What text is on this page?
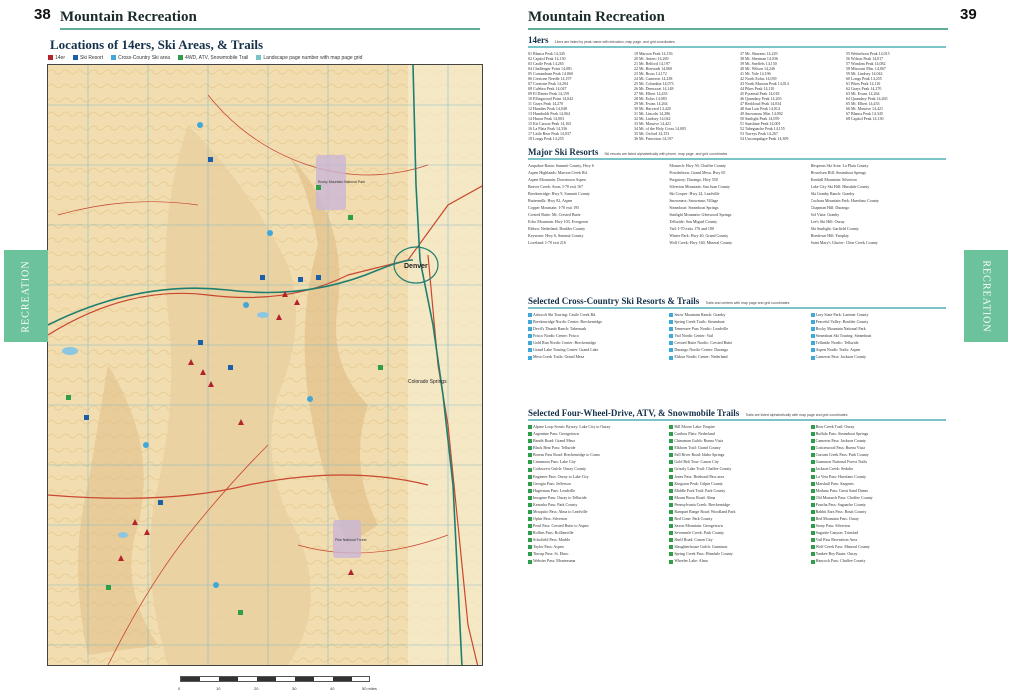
38 Mountain Recreation
Locations of 14ers, Ski Areas, & Trails
14er	Ski Resort	Cross-Country Ski area	4WD, ATV, Snowmobile Trail	Landscape page number with map page grid
Denver
Colorado Springs
Rocky Mountain National Park
Pike National Forest
0	10	20	30	40	50 miles
RECREATION
Mountain Recreation	39
RECREATION
14ers 14ers are listed by peak name with elevation, map page, and grid coordinates
01 Blanca Peak 14,345
02 Capitol Peak 14,130
03 Castle Peak 14,265
04 Challenger Point 14,081
05 Conundrum Peak 14,060
06 Crestone Needle 14,197
07 Crestone Peak 14,294
08 Culebra Peak 14,047
09 El Diente Peak 14,159
10 Ellingwood Point 14,042
11 Grays Peak 14,270
12 Handies Peak 14,048
13 Humboldt Peak 14,064
14 Huron Peak 14,003
15 Kit Carson Peak 14,165
16 La Plata Peak 14,336
17 Little Bear Peak 14,037
18 Longs Peak 14,255
19 Maroon Peak 14,156
20 Mt. Antero 14,269
21 Mt. Belford 14,197
22 Mt. Bierstadt 14,060
23 Mt. Bross 14,172
24 Mt. Cameron 14,238
25 Mt. Columbia 14,073
26 Mt. Democrat 14,148
27 Mt. Elbert 14,433
28 Mt. Eolus 14,083
29 Mt. Evans 14,264
30 Mt. Harvard 14,420
31 Mt. Lincoln 14,286
32 Mt. Lindsey 14,042
33 Mt. Massive 14,421
34 Mt. of the Holy Cross 14,005
35 Mt. Oxford 14,153
36 Mt. Princeton 14,197
37 Mt. Shavano 14,229
38 Mt. Sherman 14,036
39 Mt. Sneffels 14,150
40 Mt. Wilson 14,246
41 Mt. Yale 14,196
42 North Eolus 14,039
43 North Maroon Peak 14,014
44 Pikes Peak 14,110
45 Pyramid Peak 14,018
46 Quandary Peak 14,265
47 Redcloud Peak 14,034
48 San Luis Peak 14,014
49 Snowmass Mtn. 14,092
50 Sunlight Peak 14,059
51 Sunshine Peak 14,001
52 Tabeguache Peak 14,155
53 Torreys Peak 14,267
54 Uncompahgre Peak 14,309
55 Wetterhorn Peak 14,015
56 Wilson Peak 14,017
57 Windom Peak 14,082
58 Missouri Mtn. 14,067
59 Mt. Lindsey 14,042
60 Longs Peak 14,255
61 Pikes Peak 14,110
62 Grays Peak 14,270
63 Mt. Evans 14,264
64 Quandary Peak 14,265
65 Mt. Elbert 14,433
66 Mt. Massive 14,421
67 Blanca Peak 14,345
68 Capitol Peak 14,130
Major Ski Resorts Ski resorts are listed alphabetically with phone, map page, and grid coordinates
Arapahoe Basin: Summit County, Hwy 6
Aspen Highlands: Maroon Creek Rd.
Aspen Mountain: Downtown Aspen
Beaver Creek: Avon, I-70 exit 167
Breckenridge: Hwy 9, Summit County
Buttermilk: Hwy 82, Aspen
Copper Mountain: I-70 exit 195
Crested Butte: Mt. Crested Butte
Echo Mountain: Hwy 103, Evergreen
Eldora: Nederland, Boulder County
Keystone: Hwy 6, Summit County
Loveland: I-70 exit 216
Monarch: Hwy 50, Chaffee County
Powderhorn: Grand Mesa, Hwy 65
Purgatory: Durango, Hwy 550
Silverton Mountain: San Juan County
Ski Cooper: Hwy 24, Leadville
Snowmass: Snowmass Village
Steamboat: Steamboat Springs
Sunlight Mountain: Glenwood Springs
Telluride: San Miguel County
Vail: I-70 exits 176 and 180
Winter Park: Hwy 40, Grand County
Wolf Creek: Hwy 160, Mineral County
Hesperus Ski Area: La Plata County
Howelsen Hill: Steamboat Springs
Kendall Mountain: Silverton
Lake City Ski Hill: Hinsdale County
Ski Granby Ranch: Granby
Cuchara Mountain Park: Huerfano County
Chapman Hill: Durango
Sol Vista: Granby
Lee's Ski Hill: Ouray
Ski Sunlight: Garfield County
Hoedown Hill: Fairplay
Saint Mary's Glacier: Clear Creek County
Selected Cross-Country Ski Resorts & Trails Trails and centers with map page and grid coordinates
Ashcroft Ski Touring: Castle Creek Rd.
Breckenridge Nordic Center: Breckenridge
Devil's Thumb Ranch: Tabernash
Frisco Nordic Center: Frisco
Gold Run Nordic Center: Breckenridge
Grand Lake Touring Center: Grand Lake
Mesa Creek Trails: Grand Mesa
Snow Mountain Ranch: Granby
Spring Creek Trails: Steamboat
Tennessee Pass Nordic: Leadville
Vail Nordic Center: Vail
Crested Butte Nordic: Crested Butte
Durango Nordic Center: Durango
Eldora Nordic Center: Nederland
Lory State Park: Larimer County
Peaceful Valley: Boulder County
Rocky Mountain National Park
Steamboat Ski Touring: Steamboat
Telluride Nordic: Telluride
Aspen Nordic Trails: Aspen
Cameron Pass: Jackson County
Selected Four-Wheel-Drive, ATV, & Snowmobile Trails Trails are listed alphabetically with map page and grid coordinates
Alpine Loop Scenic Byway: Lake City to Ouray
Argentine Pass: Georgetown
Bandit Road: Grand Mesa
Black Bear Pass: Telluride
Boreas Pass Road: Breckenridge to Como
Cinnamon Pass: Lake City
Corkscrew Gulch: Ouray County
Engineer Pass: Ouray to Lake City
Georgia Pass: Jefferson
Hagerman Pass: Leadville
Imogene Pass: Ouray to Telluride
Kenosha Pass: Park County
Mosquito Pass: Alma to Leadville
Ophir Pass: Silverton
Pearl Pass: Crested Butte to Aspen
Rollins Pass: Rollinsville
Schofield Pass: Marble
Taylor Pass: Aspen
Tincup Pass: St. Elmo
Webster Pass: Montezuma
Bill Moore Lake: Empire
Caribou Flats: Nederland
Chinaman Gulch: Buena Vista
Elkhorn Trail: Grand County
Fall River Road: Idaho Springs
Gold Belt Tour: Canon City
Grizzly Lake Trail: Chaffee County
Jones Pass: Berthoud Pass area
Kingston Peak: Gilpin County
Middle Fork Trail: Park County
Mount Bross Road: Alma
Pennsylvania Creek: Breckenridge
Rampart Range Road: Woodland Park
Red Cone: Park County
Saxon Mountain: Georgetown
Sevenmile Creek: Park County
Shelf Road: Canon City
Slaughterhouse Gulch: Gunnison
Spring Creek Pass: Hinsdale County
Wheeler Lake: Alma
Bear Creek Trail: Ouray
Buffalo Pass: Steamboat Springs
Cameron Pass: Jackson County
Cottonwood Pass: Buena Vista
Currant Creek Pass: Park County
Gunnison National Forest Trails
Jackson Creek: Sedalia
La Veta Pass: Huerfano County
Marshall Pass: Sargents
Medano Pass: Great Sand Dunes
Old Monarch Pass: Chaffee County
Poncha Pass: Saguache County
Rabbit Ears Pass: Routt County
Red Mountain Pass: Ouray
Stony Pass: Silverton
Sugarite Canyon: Trinidad
Vail Pass Recreation Area
Wolf Creek Pass: Mineral County
Yankee Boy Basin: Ouray
Hancock Pass: Chaffee County
